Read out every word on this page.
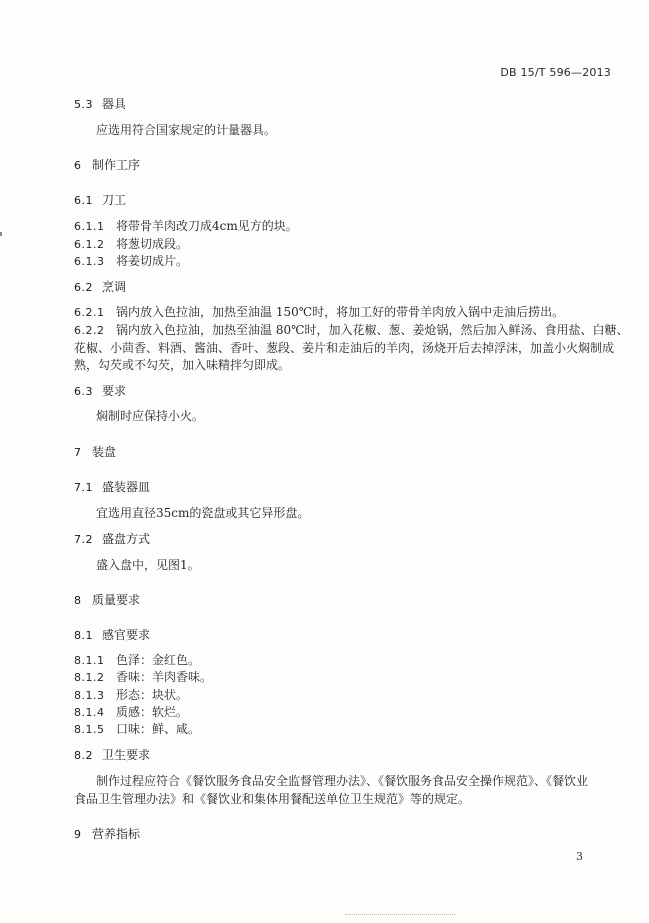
DB 15/T 596—2013
5.3 器具
应选用符合国家规定的计量器具。
6 制作工序
6.1 刀工
6.1.1 将带骨羊肉改刀成4cm见方的块。
6.1.2 将葱切成段。
6.1.3 将姜切成片。
6.2 烹调
6.2.1 锅内放入色拉油，加热至油温 150℃时，将加工好的带骨羊肉放入锅中走油后捞出。
6.2.2 锅内放入色拉油，加热至油温 80℃时，加入花椒、葱、姜炝锅，然后加入鲜汤、食用盐、白糖、
花椒、小茴香、料酒、酱油、香叶、葱段、姜片和走油后的羊肉，汤烧开后去掉浮沫，加盖小火焖制成
熟，勾芡或不勾芡，加入味精拌匀即成。
6.3 要求
焖制时应保持小火。
7 装盘
7.1 盛装器皿
宜选用直径35cm的瓷盘或其它异形盘。
7.2 盛盘方式
盛入盘中，见图1。
8 质量要求
8.1 感官要求
8.1.1 色泽：金红色。
8.1.2 香味：羊肉香味。
8.1.3 形态：块状。
8.1.4 质感：软烂。
8.1.5 口味：鲜、咸。
8.2 卫生要求
制作过程应符合《餐饮服务食品安全监督管理办法》、《餐饮服务食品安全操作规范》、《餐饮业
食品卫生管理办法》和《餐饮业和集体用餐配送单位卫生规范》等的规定。
9 营养指标
3
